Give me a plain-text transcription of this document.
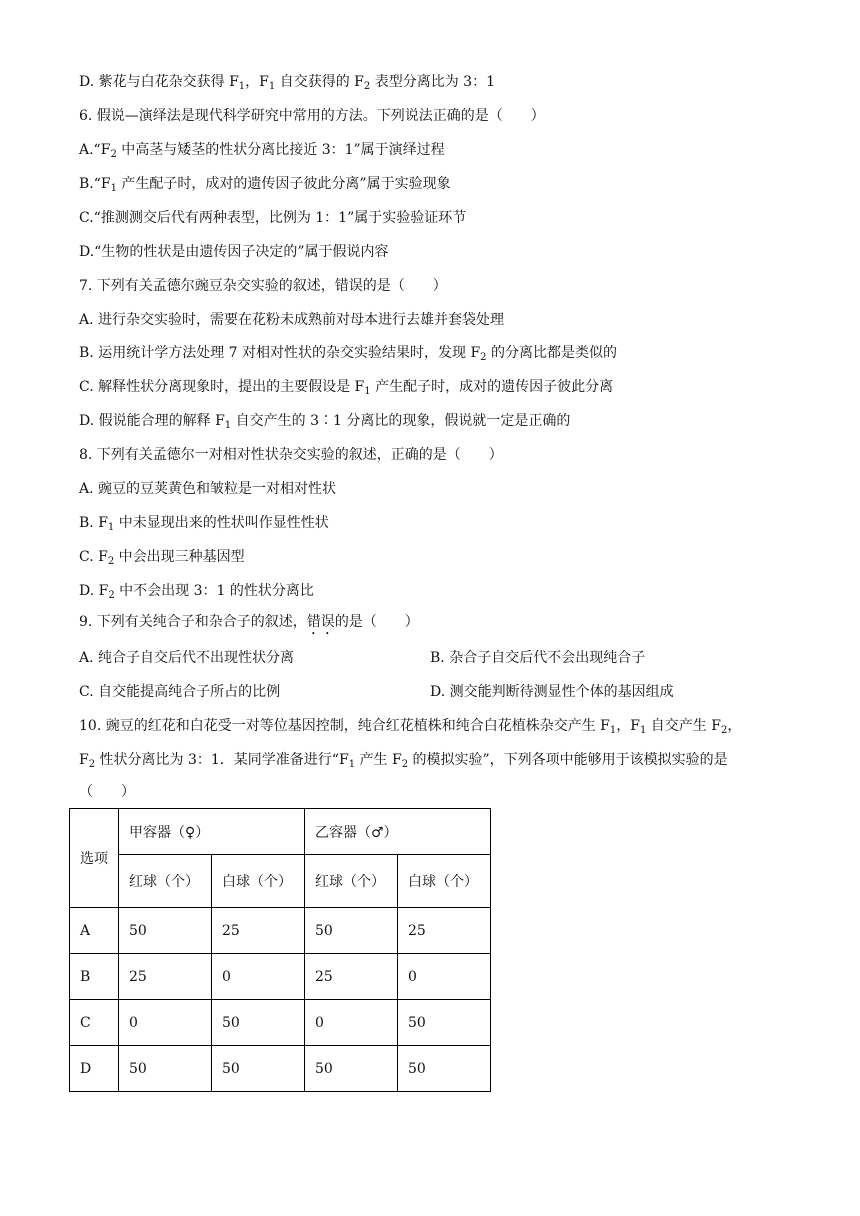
D. 紫花与白花杂交获得 $F_1$，$F_1$ 自交获得的 $F_2$ 表型分离比为 3：1
6. 假说—演绎法是现代科学研究中常用的方法。下列说法正确的是（　　）
$A.“F_2$ 中高茎与矮茎的性状分离比接近 3：1”属于演绎过程
$B.“F_1$ 产生配子时，成对的遗传因子彼此分离”属于实验现象
C.“推测测交后代有两种表型，比例为 1：1”属于实验验证环节
D.“生物的性状是由遗传因子决定的”属于假说内容
7. 下列有关孟德尔豌豆杂交实验的叙述，错误的是（　　）
A. 进行杂交实验时，需要在花粉未成熟前对母本进行去雄并套袋处理
B. 运用统计学方法处理 7 对相对性状的杂交实验结果时，发现 $F_2$ 的分离比都是类似的
C. 解释性状分离现象时，提出的主要假设是 $F_1$ 产生配子时，成对的遗传因子彼此分离
D. 假说能合理的解释 $F_1$ 自交产生的 3∶1 分离比的现象，假说就一定是正确的
8. 下列有关孟德尔一对相对性状杂交实验的叙述，正确的是（　　）
A. 豌豆的豆荚黄色和皱粒是一对相对性状
B. $F_1$ 中未显现出来的性状叫作显性性状
C. $F_2$ 中会出现三种基因型
D. $F_2$ 中不会出现 3：1 的性状分离比
9. 下列有关纯合子和杂合子的叙述，错误的是（　　）
A. 纯合子自交后代不出现性状分离	B. 杂合子自交后代不会出现纯合子
C. 自交能提高纯合子所占的比例	D. 测交能判断待测显性个体的基因组成
10. 豌豆的红花和白花受一对等位基因控制，纯合红花植株和纯合白花植株杂交产生 $F_1$，$F_1$ 自交产生 $F_2$，
$F_2$ 性状分离比为 3：1．某同学准备进行“$F_1$ 产生 $F_2$ 的模拟实验”，下列各项中能够用于该模拟实验的是
（　　）
选项	甲容器（♀）		乙容器（♂）	
	红球（个）	白球（个）	红球（个）	白球（个）
A	50	25	50	25
B	25	0	25	0
C	0	50	0	50
D	50	50	50	50
